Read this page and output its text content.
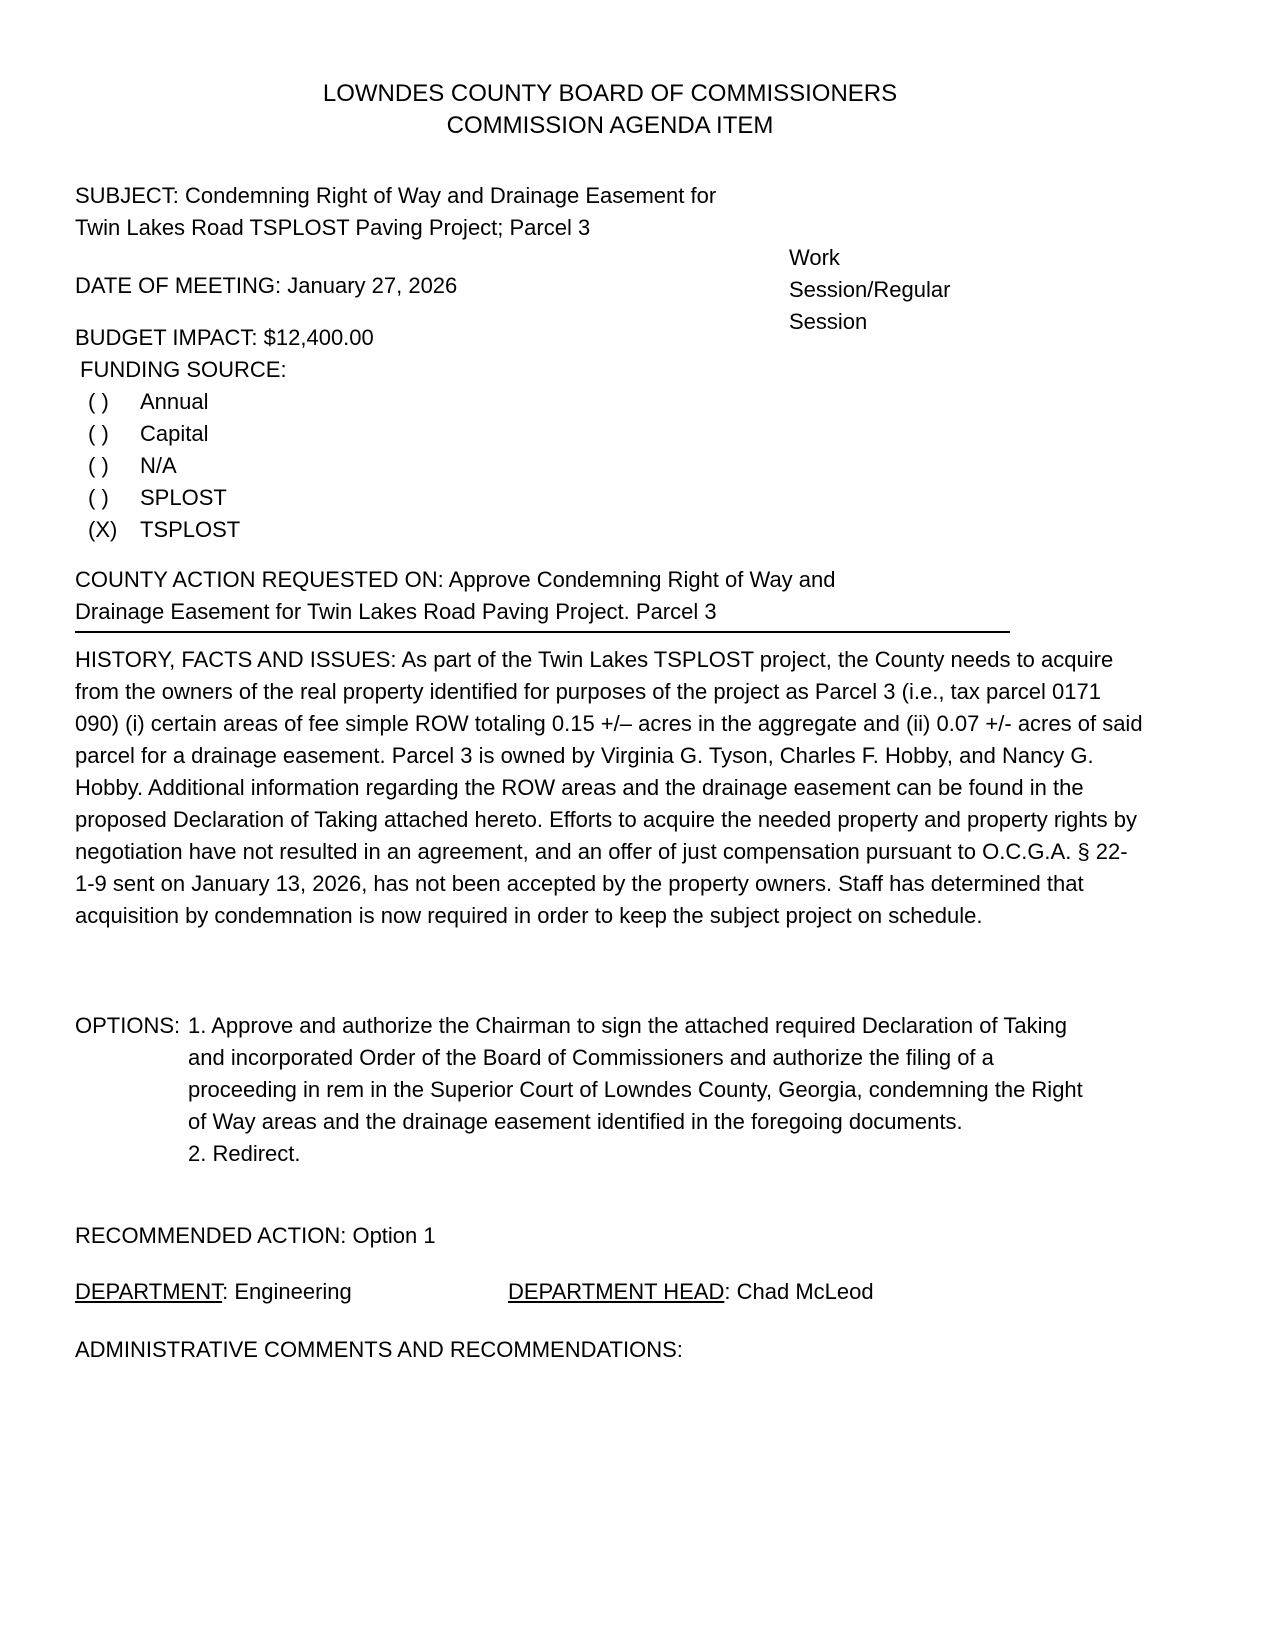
LOWNDES COUNTY BOARD OF COMMISSIONERS
COMMISSION AGENDA ITEM

SUBJECT: Condemning Right of Way and Drainage Easement for Twin Lakes Road TSPLOST Paving Project; Parcel 3

Work Session/Regular Session

DATE OF MEETING: January 27, 2026

BUDGET IMPACT: $12,400.00

FUNDING SOURCE:

( ) Annual
( ) Capital
( ) N/A
( ) SPLOST
(X) TSPLOST

COUNTY ACTION REQUESTED ON: Approve Condemning Right of Way and Drainage Easement for Twin Lakes Road Paving Project. Parcel 3

HISTORY, FACTS AND ISSUES: As part of the Twin Lakes TSPLOST project, the County needs to acquire from the owners of the real property identified for purposes of the project as Parcel 3 (i.e., tax parcel 0171 090) (i) certain areas of fee simple ROW totaling 0.15 +/– acres in the aggregate and (ii) 0.07 +/- acres of said parcel for a drainage easement. Parcel 3 is owned by Virginia G. Tyson, Charles F. Hobby, and Nancy G. Hobby. Additional information regarding the ROW areas and the drainage easement can be found in the proposed Declaration of Taking attached hereto. Efforts to acquire the needed property and property rights by negotiation have not resulted in an agreement, and an offer of just compensation pursuant to O.C.G.A. § 22-1-9 sent on January 13, 2026, has not been accepted by the property owners. Staff has determined that acquisition by condemnation is now required in order to keep the subject project on schedule.

OPTIONS: 1. Approve and authorize the Chairman to sign the attached required Declaration of Taking and incorporated Order of the Board of Commissioners and authorize the filing of a proceeding in rem in the Superior Court of Lowndes County, Georgia, condemning the Right of Way areas and the drainage easement identified in the foregoing documents.

2. Redirect.

RECOMMENDED ACTION: Option 1

DEPARTMENT: Engineering	DEPARTMENT HEAD: Chad McLeod

ADMINISTRATIVE COMMENTS AND RECOMMENDATIONS:
